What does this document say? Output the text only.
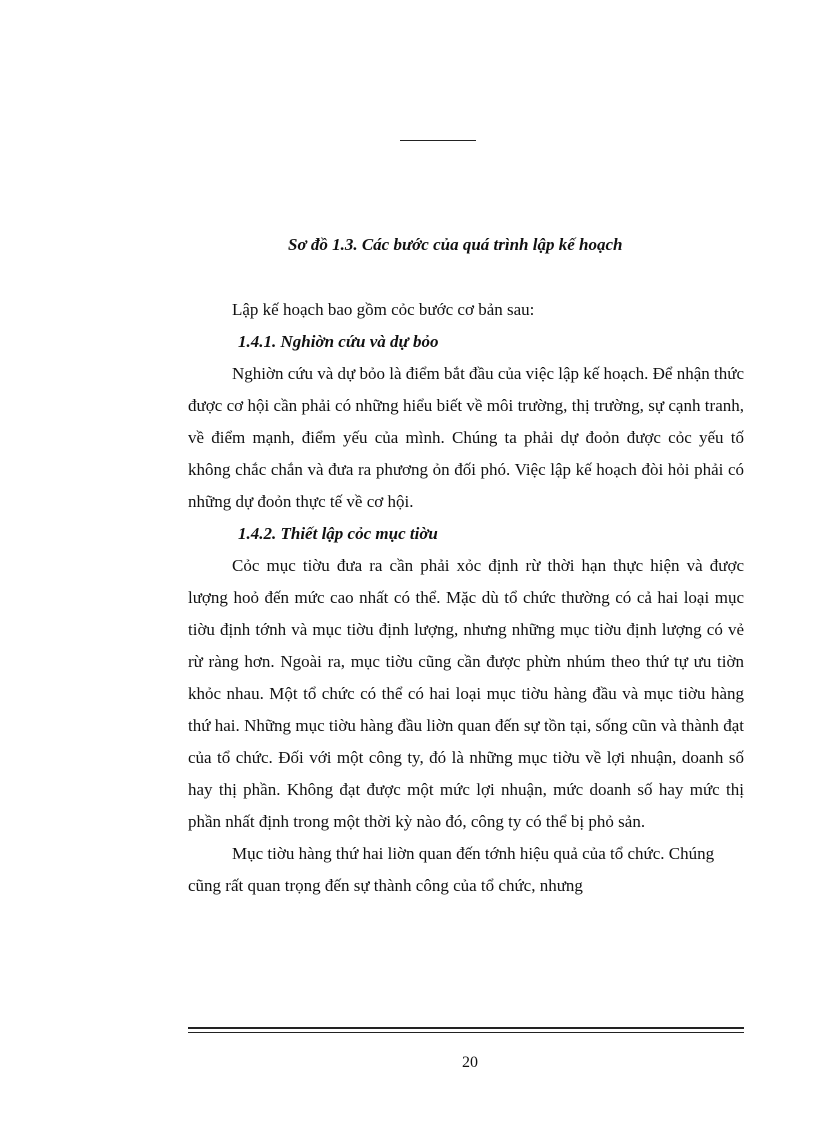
Sơ đồ 1.3. Các bước của quá trình lập kế hoạch

Lập kế hoạch bao gồm cỏc bước cơ bản sau:

1.4.1. Nghiờn cứu và dự bỏo

Nghiờn cứu và dự bỏo là điểm bắt đầu của việc lập kế hoạch. Để nhận thức được cơ hội cần phải có những hiểu biết về môi trường, thị trường, sự cạnh tranh, về điểm mạnh, điểm yếu của mình. Chúng ta phải dự đoỏn được cỏc yếu tố không chắc chắn và đưa ra phương ỏn đối phó. Việc lập kế hoạch đòi hỏi phải có những dự đoỏn thực tế về cơ hội.

1.4.2. Thiết lập cỏc mục tiờu

Cỏc mục tiờu đưa ra cần phải xỏc định rừ thời hạn thực hiện và được lượng hoỏ đến mức cao nhất có thể. Mặc dù tổ chức thường có cả hai loại mục tiờu định tớnh và mục tiờu định lượng, nhưng những mục tiờu định lượng có vẻ rừ ràng hơn. Ngoài ra, mục tiờu cũng cần được phừn nhúm theo thứ tự ưu tiờn khỏc nhau. Một tổ chức có thể có hai loại mục tiờu hàng đầu và mục tiờu hàng thứ hai. Những mục tiờu hàng đầu liờn quan đến sự tồn tại, sống cũn và thành đạt của tổ chức. Đối với một công ty, đó là những mục tiờu về lợi nhuận, doanh số hay thị phần. Không đạt được một mức lợi nhuận, mức doanh số hay mức thị phần nhất định trong một thời kỳ nào đó, công ty có thể bị phỏ sản.

Mục tiờu hàng thứ hai liờn quan đến tớnh hiệu quả của tổ chức. Chúng cũng rất quan trọng đến sự thành công của tổ chức, nhưng

20
